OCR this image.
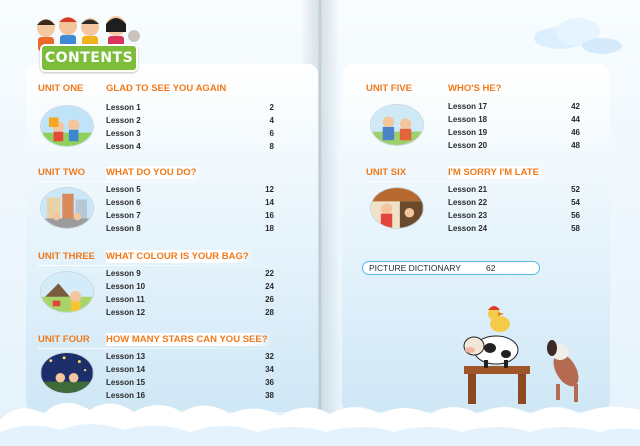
CONTENTS
UNIT ONE GLAD TO SEE YOU AGAIN
Lesson 1	2
Lesson 2	4
Lesson 3	6
Lesson 4	8
UNIT TWO WHAT DO YOU DO?
Lesson 5	12
Lesson 6	14
Lesson 7	16
Lesson 8	18
UNIT THREE WHAT COLOUR IS YOUR BAG?
Lesson 9	22
Lesson 10	24
Lesson 11	26
Lesson 12	28
UNIT FOUR HOW MANY STARS CAN YOU SEE?
Lesson 13	32
Lesson 14	34
Lesson 15	36
Lesson 16	38
UNIT FIVE	WHO'S HE?
Lesson 17	42
Lesson 18	44
Lesson 19	46
Lesson 20	48
UNIT SIX	I'M SORRY I'M LATE
Lesson 21	52
Lesson 22	54
Lesson 23	56
Lesson 24	58
PICTURE DICTIONARY	62
